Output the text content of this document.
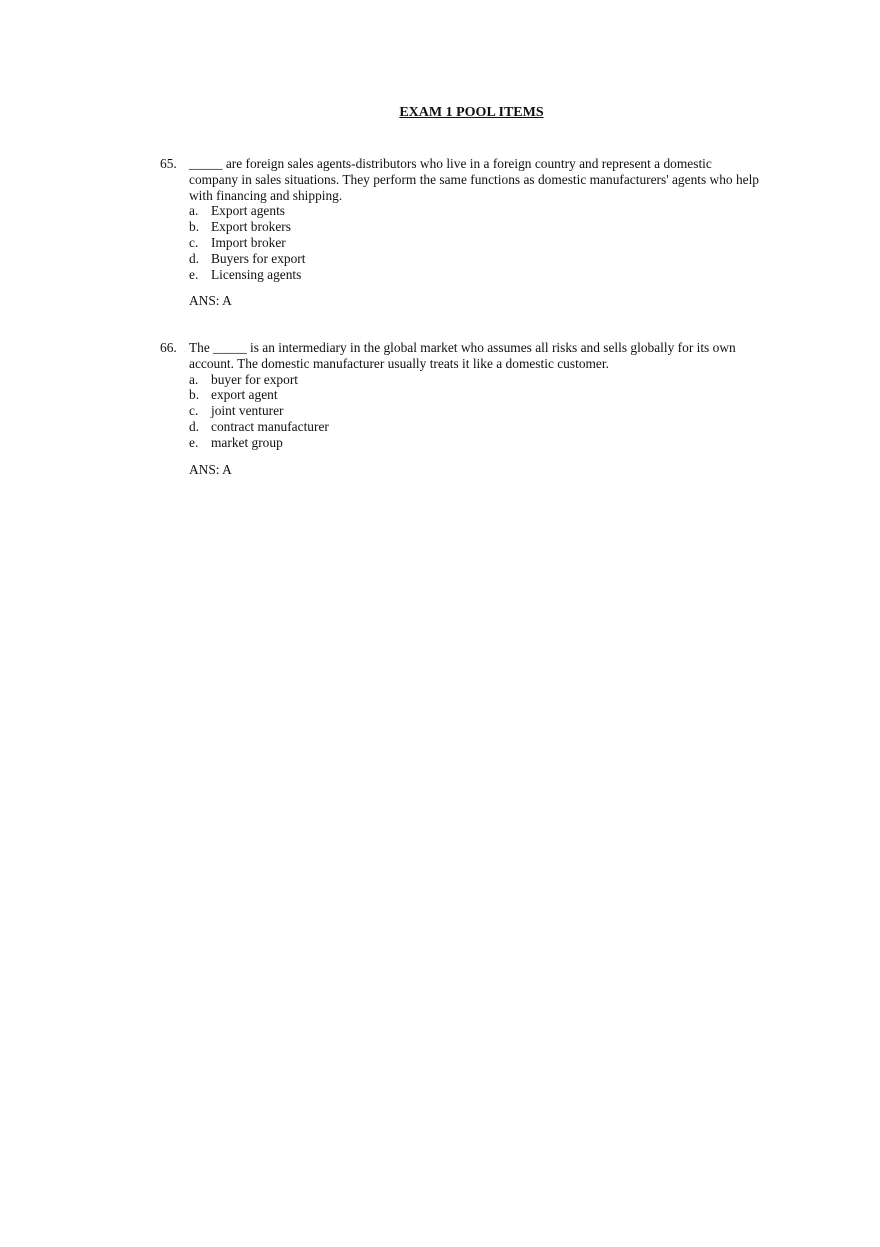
EXAM 1 POOL ITEMS
65. _____ are foreign sales agents-distributors who live in a foreign country and represent a domestic company in sales situations. They perform the same functions as domestic manufacturers' agents who help with financing and shipping.

a. Export agents
b. Export brokers
c. Import broker
d. Buyers for export
e. Licensing agents
ANS: A
66. The _____ is an intermediary in the global market who assumes all risks and sells globally for its own account. The domestic manufacturer usually treats it like a domestic customer.

a. buyer for export
b. export agent
c. joint venturer
d. contract manufacturer
e. market group
ANS: A
